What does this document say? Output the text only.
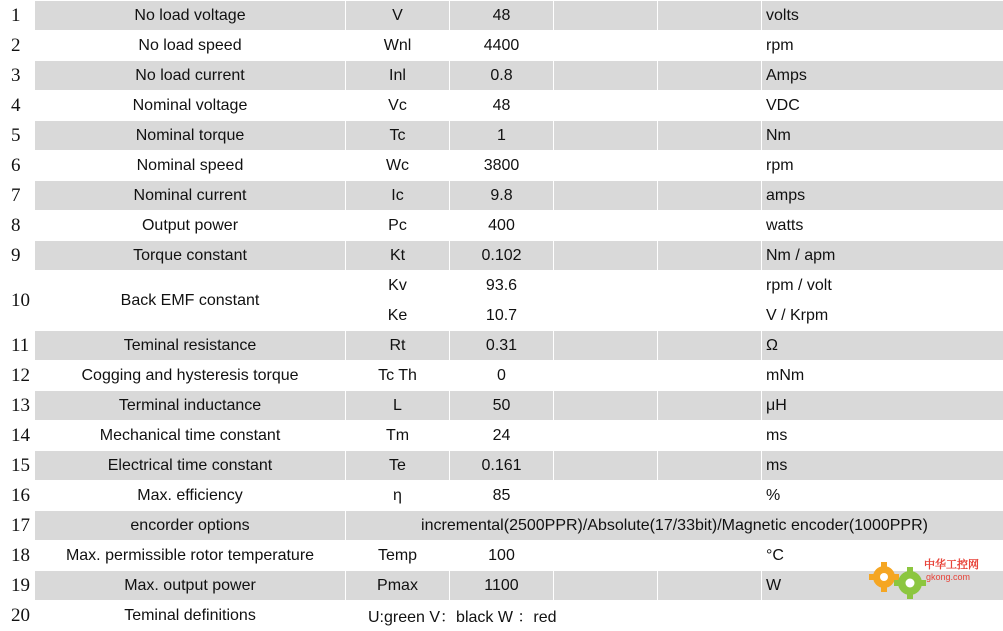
1	No load voltage	V	48			volts
2	No load speed	Wnl	4400			rpm
3	No load current	Inl	0.8			Amps
4	Nominal voltage	Vc	48			VDC
5	Nominal torque	Tc	1			Nm
6	Nominal speed	Wc	3800			rpm
7	Nominal current	Ic	9.8			amps
8	Output power	Pc	400			watts
9	Torque constant	Kt	0.102			Nm / apm
10	Back EMF constant	Kv	93.6			rpm / volt
		Ke	10.7			V / Krpm
11	Teminal resistance	Rt	0.31			Ω
12	Cogging and hysteresis torque	Tc Th	0			mNm
13	Terminal inductance	L	50			μH
14	Mechanical time constant	Tm	24			ms
15	Electrical time constant	Te	0.161			ms
16	Max. efficiency	η	85			%
17	encorder options	incremental(2500PPR)/Absolute(17/33bit)/Magnetic encoder(1000PPR)				
18	Max. permissible rotor temperature	Temp	100			°C
19	Max. output power	Pmax	1100			W
20	Teminal definitions	U:green V：black W ：red				
中华工控网
gkong.com
